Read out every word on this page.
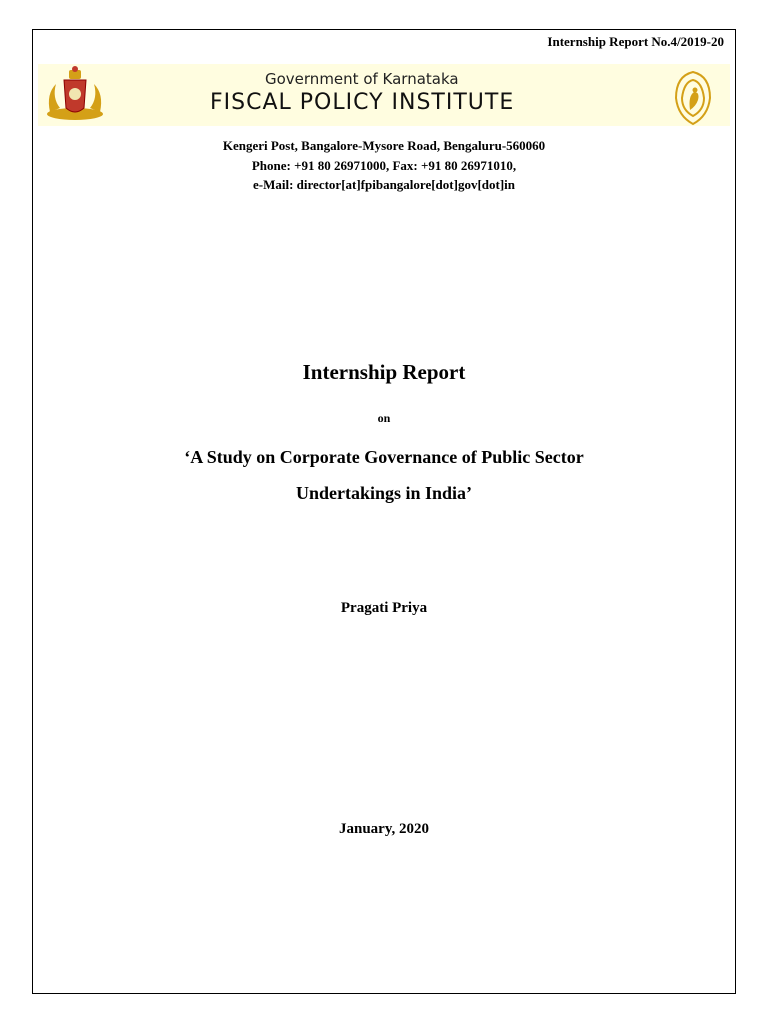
Internship Report No.4/2019-20
Government of Karnataka
FISCAL POLICY INSTITUTE
Kengeri Post, Bangalore-Mysore Road, Bengaluru-560060
Phone: +91 80 26971000, Fax: +91 80 26971010,
e-Mail: director[at]fpibangalore[dot]gov[dot]in
Internship Report
on
‘A Study on Corporate Governance of Public Sector
Undertakings in India’
Pragati Priya
January, 2020
